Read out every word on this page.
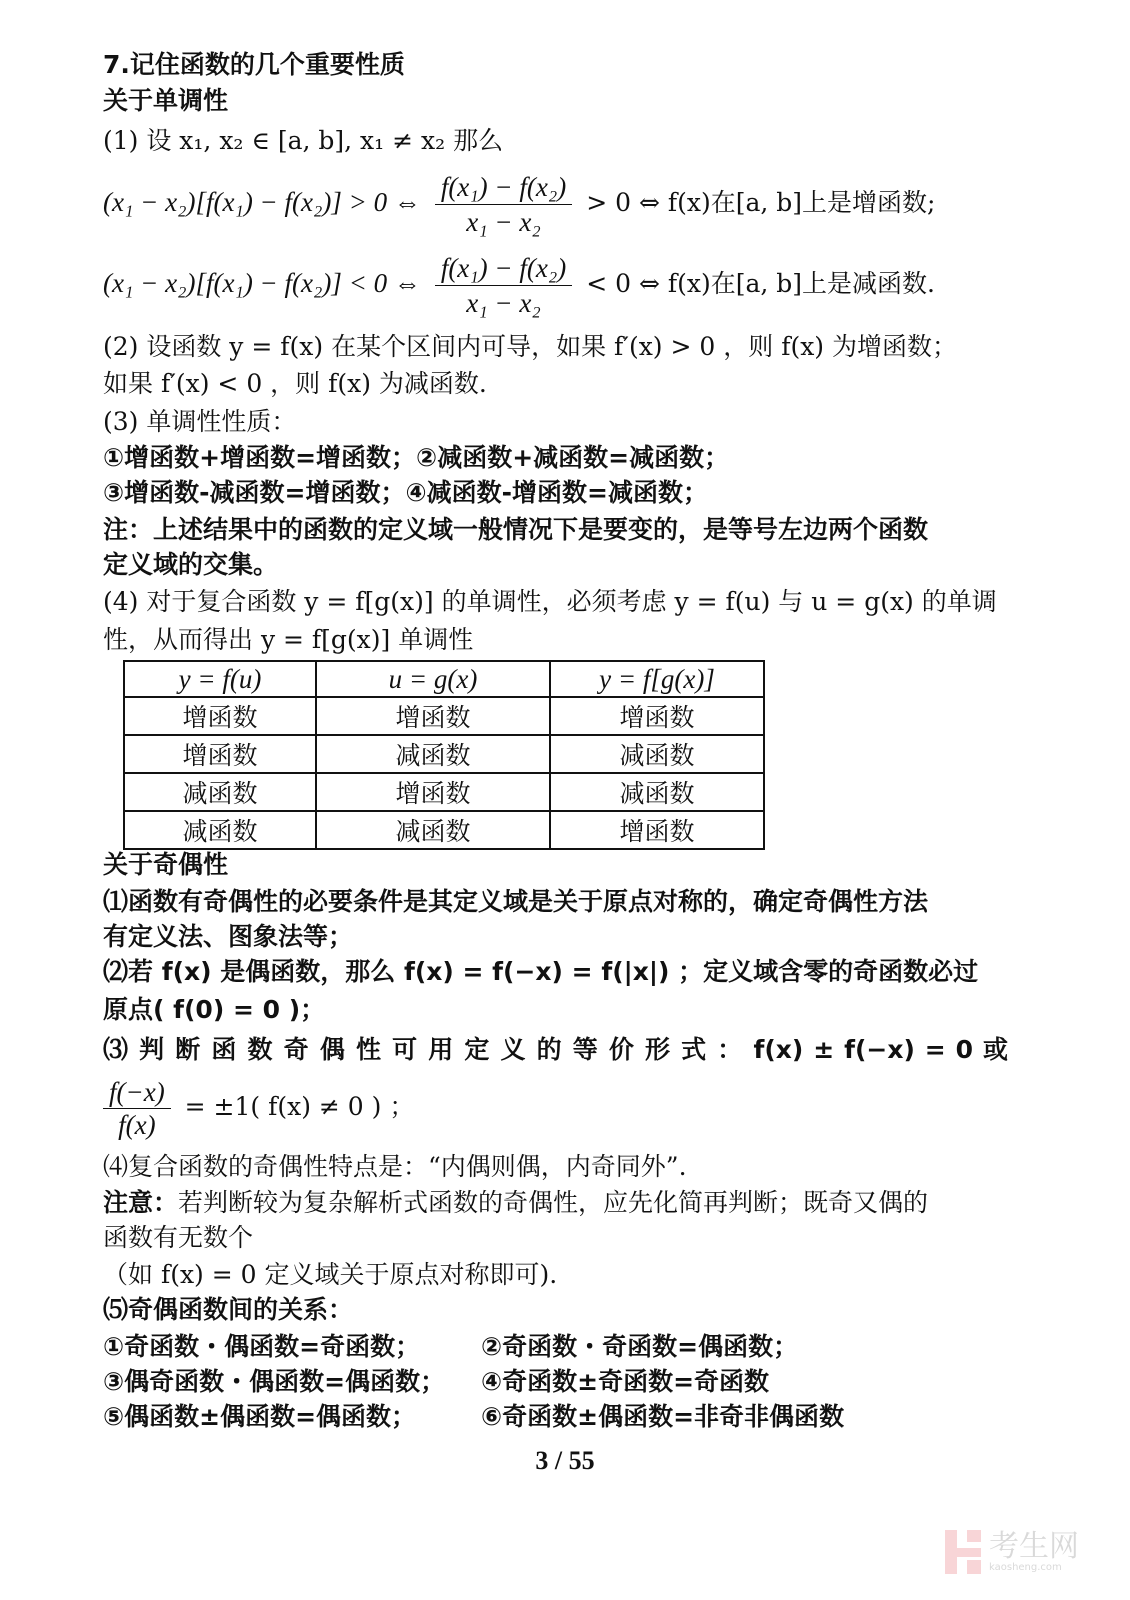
7.记住函数的几个重要性质
关于单调性
(1) 设 x₁, x₂ ∈ [a, b], x₁ ≠ x₂ 那么
(x₁ − x₂)[f(x₁) − f(x₂)] > 0 ⇔ $\frac{\text{f(x₁) − f(x₂)}}{\text{x₁ − x₂}} > 0$ ⇔ f(x)在[a, b]上是增函数;
(x₁ − x₂)[f(x₁) − f(x₂)] < 0 ⇔ $\frac{\text{f(x₁) − f(x₂)}}{\text{x₁ − x₂}} < 0$ ⇔ f(x)在[a, b]上是减函数.
(2) 设函数 y = f(x) 在某个区间内可导，如果 f′(x) > 0 ，则 f(x) 为增函数；
如果 f′(x) < 0 ，则 f(x) 为减函数.
(3) 单调性性质：
①增函数+增函数=增函数；②减函数+减函数=减函数；
③增函数-减函数=增函数；④减函数-增函数=减函数；
注：上述结果中的函数的定义域一般情况下是要变的，是等号左边两个函数
定义域的交集。
(4) 对于复合函数 y = f[g(x)] 的单调性，必须考虑 y = f(u) 与 u = g(x) 的单调
性，从而得出 y = f[g(x)] 单调性
y = f(u)	u = g(x)	y = f[g(x)]
增函数	增函数	增函数
增函数	减函数	减函数
减函数	增函数	减函数
减函数	减函数	增函数
关于奇偶性
⑴函数有奇偶性的必要条件是其定义域是关于原点对称的，确定奇偶性方法
有定义法、图象法等；
⑵若 f(x) 是偶函数，那么 f(x) = f(−x) = f(|x|) ；定义域含零的奇函数必过
原点( f(0) = 0 )；
⑶ 判 断 函 数 奇 偶 性 可 用 定 义 的 等 价 形 式 ： f(x) ± f(−x) = 0 或
$\frac{f(-x)}{f(x)} = \pm 1$( f(x) ≠ 0 ) ；
⑷复合函数的奇偶性特点是：“内偶则偶，内奇同外”.
注意：若判断较为复杂解析式函数的奇偶性，应先化简再判断；既奇又偶的
函数有无数个
（如 f(x) = 0 定义域关于原点对称即可).
⑸奇偶函数间的关系：
①奇函数・偶函数=奇函数； ②奇函数・奇函数=偶函数；
③偶奇函数・偶函数=偶函数； ④奇函数±奇函数=奇函数
⑤偶函数±偶函数=偶函数；	⑥奇函数±偶函数=非奇非偶函数
3 / 55
考生网
kaosheng.com
